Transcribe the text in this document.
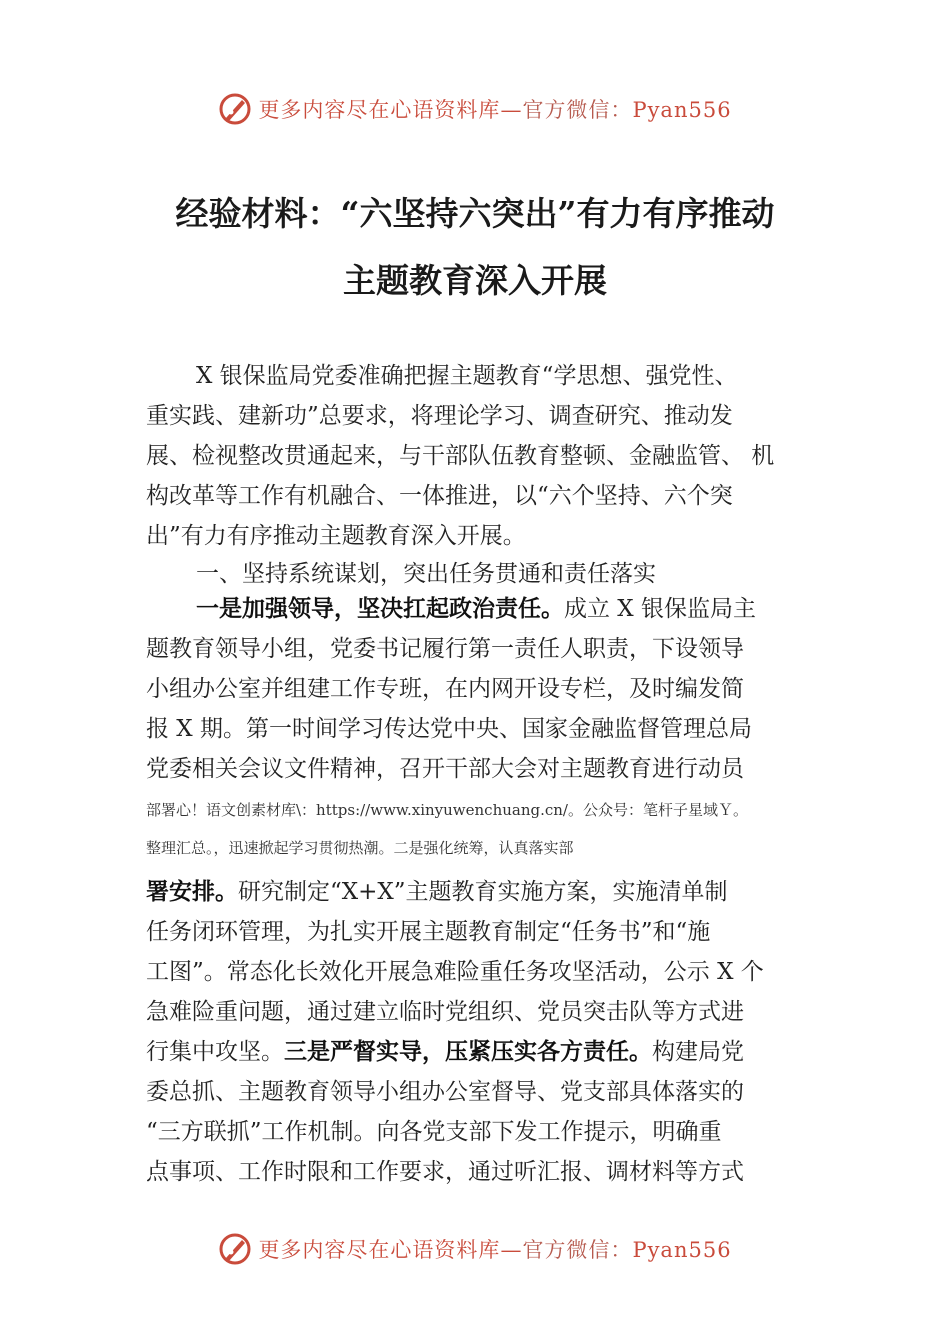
更多内容尽在心语资料库—官方微信：Pyan556
经验材料：“六坚持六突出”有力有序推动
主题教育深入开展
X 银保监局党委准确把握主题教育“学思想、强党性、
重实践、建新功”总要求，将理论学习、调查研究、推动发
展、检视整改贯通起来，与干部队伍教育整顿、金融监管、 机
构改革等工作有机融合、一体推进，以“六个坚持、六个突
出”有力有序推动主题教育深入开展。
一、坚持系统谋划，突出任务贯通和责任落实
一是加强领导，坚决扛起政治责任。成立 X 银保监局主
题教育领导小组，党委书记履行第一责任人职责，下设领导
小组办公室并组建工作专班，在内网开设专栏，及时编发简
报 X 期。第一时间学习传达党中央、国家金融监督管理总局
党委相关会议文件精神，召开干部大会对主题教育进行动员
部署心！语文创素材库\：https://www.xinyuwenchuang.cn/。公众号：笔杆子星域Ｙ。
整理汇总。，迅速掀起学习贯彻热潮。二是强化统筹，认真落实部
署安排。研究制定“X+X”主题教育实施方案，实施清单制
任务闭环管理，为扎实开展主题教育制定“任务书”和“施
工图”。常态化长效化开展急难险重任务攻坚活动，公示 X 个
急难险重问题，通过建立临时党组织、党员突击队等方式进
行集中攻坚。三是严督实导，压紧压实各方责任。构建局党
委总抓、主题教育领导小组办公室督导、党支部具体落实的
“三方联抓”工作机制。向各党支部下发工作提示，明确重
点事项、工作时限和工作要求，通过听汇报、调材料等方式
更多内容尽在心语资料库—官方微信：Pyan556
